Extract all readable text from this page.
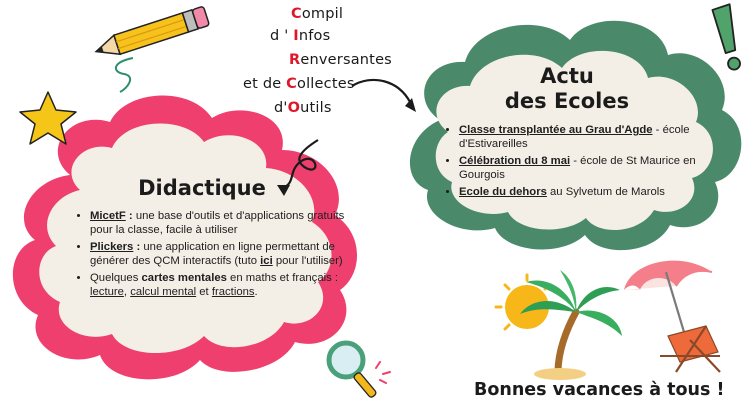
Compil
d ' Infos
Renversantes
et de Collectes
d'Outils
Didactique
• MicetF : une base d'outils et d'applications gratuits pour la classe, facile à utiliser
• Plickers : une application en ligne permettant de générer des QCM interactifs (tuto ici pour l'utiliser)
• Quelques cartes mentales en maths et français : lecture, calcul mental et fractions.
Actu
des Ecoles
• Classe transplantée au Grau d'Agde - école d'Estivareilles
• Célébration du 8 mai - école de St Maurice en Gourgois
• Ecole du dehors au Sylvetum de Marols
Bonnes vacances à tous !
